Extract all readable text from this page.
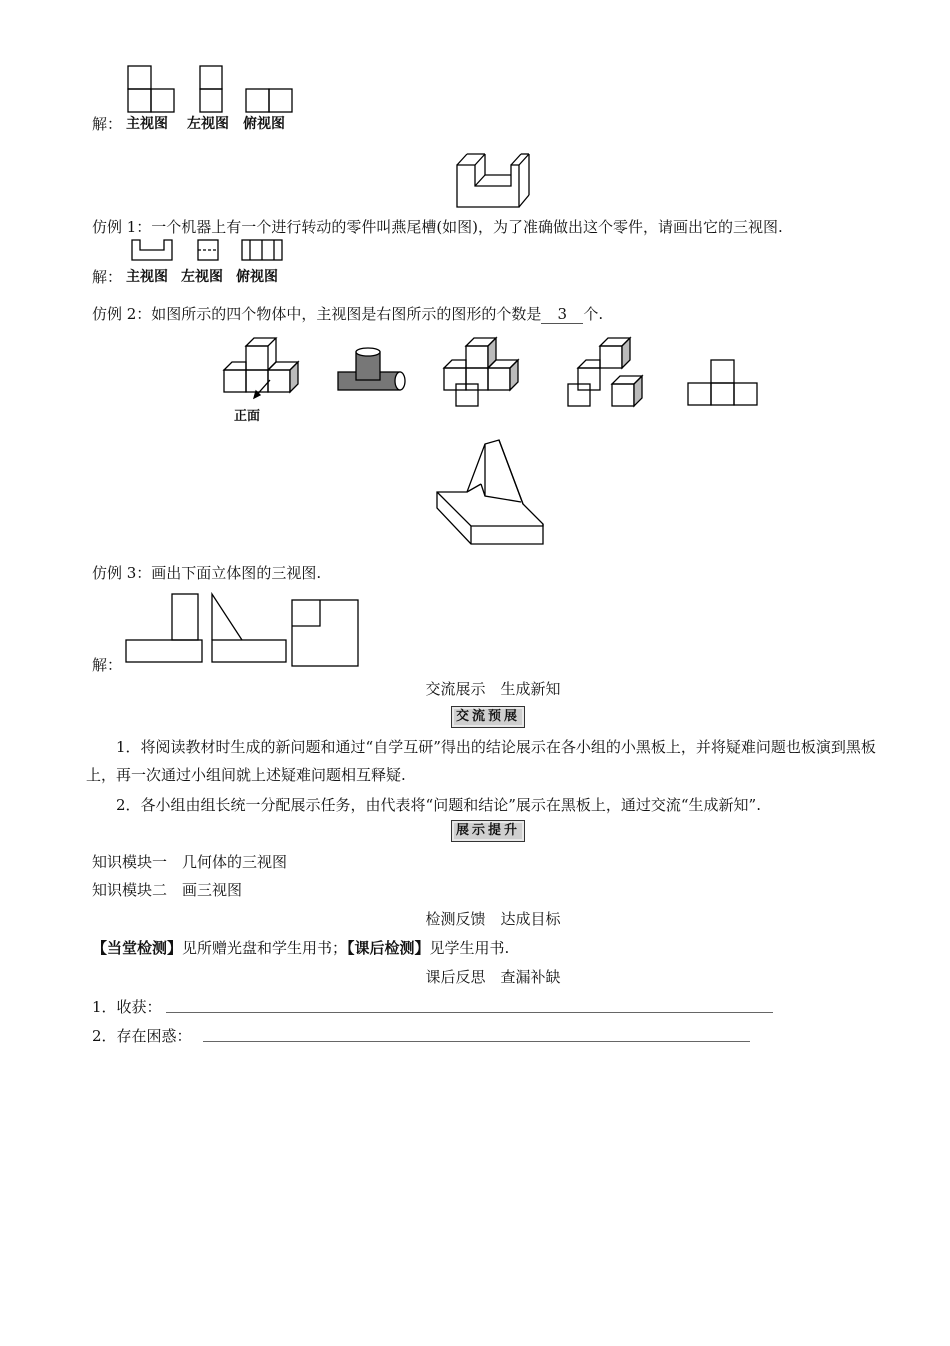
解： 主视图 左视图 俯视图
仿例 1：一个机器上有一个进行转动的零件叫燕尾槽(如图)，为了准确做出这个零件，请画出它的三视图.
解： 主视图 左视图 俯视图
仿例 2：如图所示的四个物体中，主视图是右图所示的图形的个数是 3 个.
正面
仿例 3：画出下面立体图的三视图.
解：
交流展示　生成新知
交流预展
1．将阅读教材时生成的新问题和通过“自学互研”得出的结论展示在各小组的小黑板上，并将疑难问题也板演到黑板上，再一次通过小组间就上述疑难问题相互释疑.
2．各小组由组长统一分配展示任务，由代表将“问题和结论”展示在黑板上，通过交流“生成新知”.
展示提升
知识模块一　几何体的三视图
知识模块二　画三视图
检测反馈　达成目标
【当堂检测】见所赠光盘和学生用书；【课后检测】见学生用书.
课后反思　查漏补缺
1．收获：
2．存在困惑：
